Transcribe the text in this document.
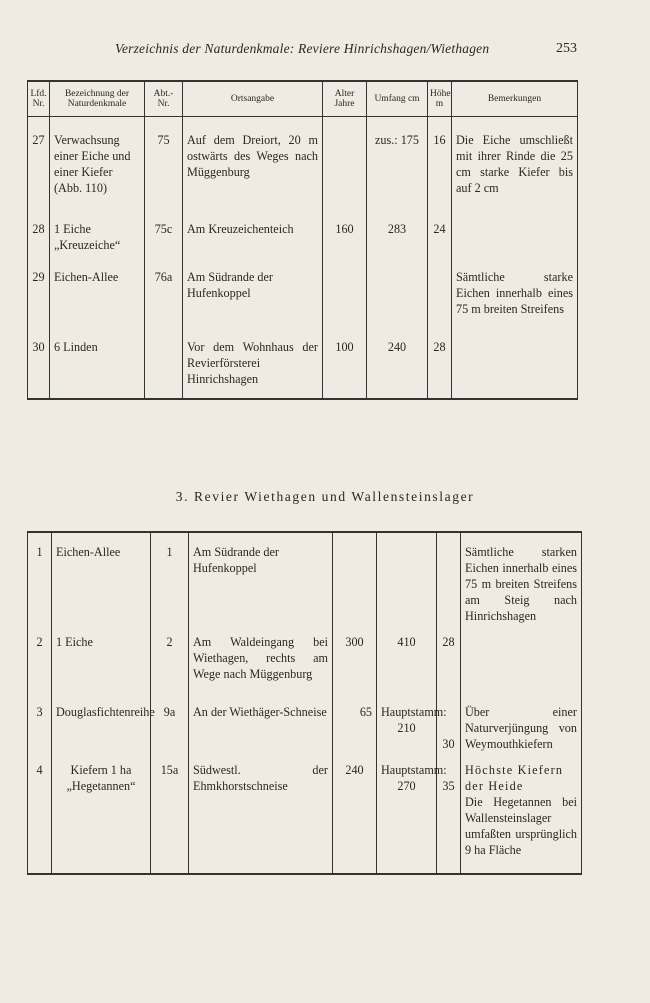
Verzeichnis der Naturdenkmale: Reviere Hinrichshagen/Wiethagen	253
Lfd. Nr.	Bezeichnung der Naturdenkmale	Abt.- Nr.	Ortsangabe	Alter Jahre	Umfang cm	Höhe m	Bemerkungen
27	Verwachsung einer Eiche und einer Kiefer (Abb. 110)	75	Auf dem Dreiort, 20 m ostwärts des Weges nach Müggenburg		zus.: 175	16	Die Eiche umschließt mit ihrer Rinde die 25 cm starke Kiefer bis auf 2 cm
28	1 Eiche „Kreuzeiche“	75c	Am Kreuzeichenteich	160	283	24	
29	Eichen-Allee	76a	Am Südrande der Hufenkoppel				Sämtliche starke Eichen innerhalb eines 75 m breiten Streifens
30	6 Linden		Vor dem Wohnhaus der Revierförsterei Hinrichshagen	100	240	28	
3. Revier Wiethagen und Wallensteinslager
1	Eichen-Allee	1	Am Südrande der Hufenkoppel				Sämtliche starken Eichen innerhalb eines 75 m breiten Streifens am Steig nach Hinrichshagen
2	1 Eiche	2	Am Waldeingang bei Wiethagen, rechts am Wege nach Müggenburg	300	410	28	
3	Douglasfichtenreihe	9a	An der Wiethäger-Schneise	65	Hauptstamm: 210	30	Über einer Naturverjüngung von Weymouthkiefern
4	Kiefern 1 ha „Hegetannen“	15a	Südwestl. der Ehmkhorstschneise	240	Hauptstamm: 270	35	Höchste Kiefern der Heide
Die Hegetannen bei Wallensteinslager umfaßten ursprünglich 9 ha Fläche
